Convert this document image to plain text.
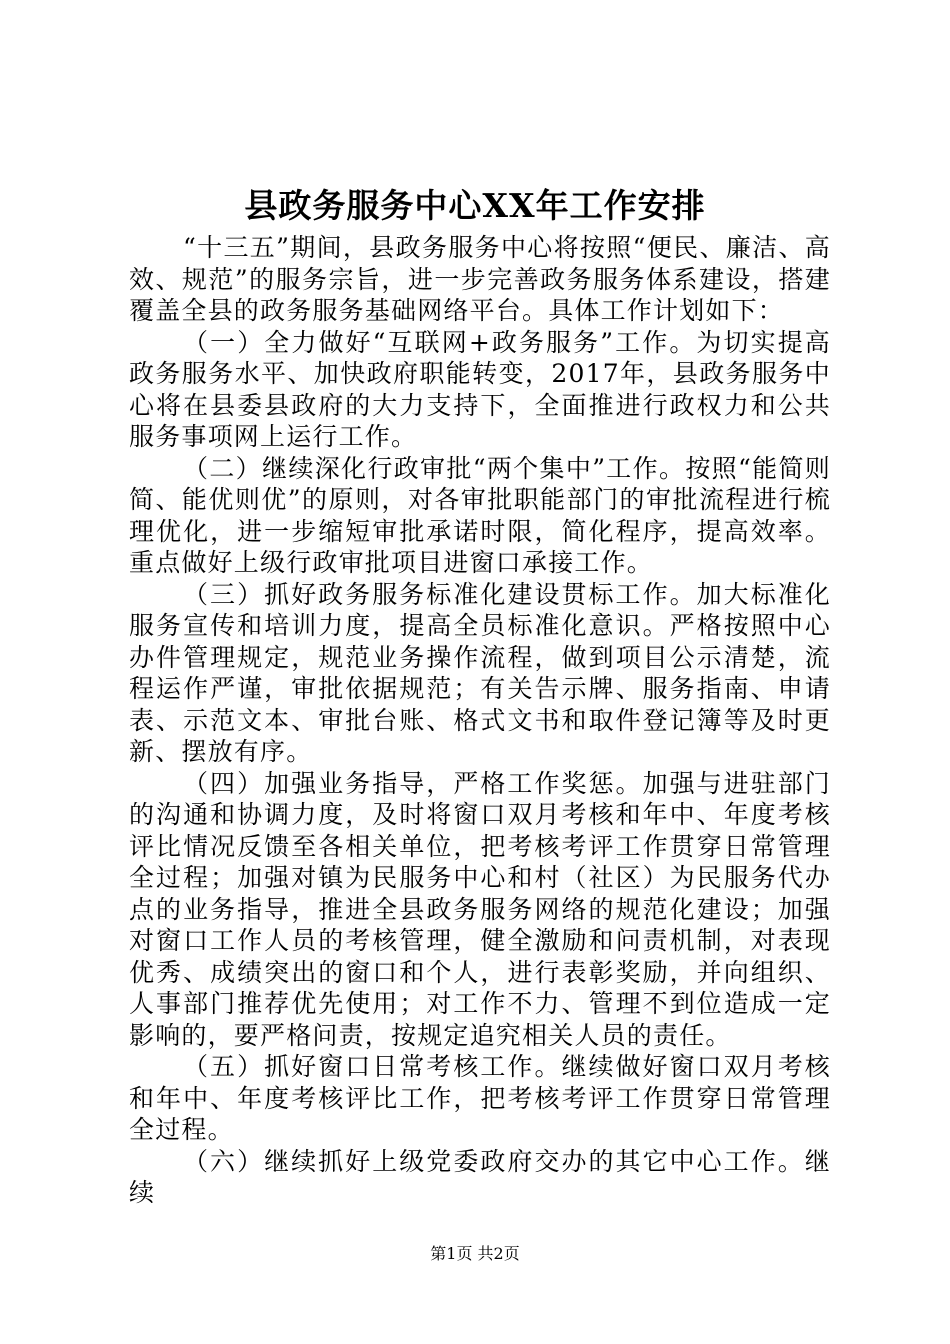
县政务服务中心XX年工作安排

“十三五”期间，县政务服务中心将按照“便民、廉洁、高效、规范”的服务宗旨，进一步完善政务服务体系建设，搭建覆盖全县的政务服务基础网络平台。具体工作计划如下：

（一）全力做好“互联网+政务服务”工作。为切实提高政务服务水平、加快政府职能转变，2017年，县政务服务中心将在县委县政府的大力支持下，全面推进行政权力和公共服务事项网上运行工作。

（二）继续深化行政审批“两个集中”工作。按照“能简则简、能优则优”的原则，对各审批职能部门的审批流程进行梳理优化，进一步缩短审批承诺时限，简化程序，提高效率。重点做好上级行政审批项目进窗口承接工作。

（三）抓好政务服务标准化建设贯标工作。加大标准化服务宣传和培训力度，提高全员标准化意识。严格按照中心办件管理规定，规范业务操作流程，做到项目公示清楚，流程运作严谨，审批依据规范；有关告示牌、服务指南、申请表、示范文本、审批台账、格式文书和取件登记簿等及时更新、摆放有序。

（四）加强业务指导，严格工作奖惩。加强与进驻部门的沟通和协调力度，及时将窗口双月考核和年中、年度考核评比情况反馈至各相关单位，把考核考评工作贯穿日常管理全过程；加强对镇为民服务中心和村（社区）为民服务代办点的业务指导，推进全县政务服务网络的规范化建设；加强对窗口工作人员的考核管理，健全激励和问责机制，对表现优秀、成绩突出的窗口和个人，进行表彰奖励，并向组织、人事部门推荐优先使用；对工作不力、管理不到位造成一定影响的，要严格问责，按规定追究相关人员的责任。

（五）抓好窗口日常考核工作。继续做好窗口双月考核和年中、年度考核评比工作，把考核考评工作贯穿日常管理全过程。

（六）继续抓好上级党委政府交办的其它中心工作。继续

第1页 共2页
